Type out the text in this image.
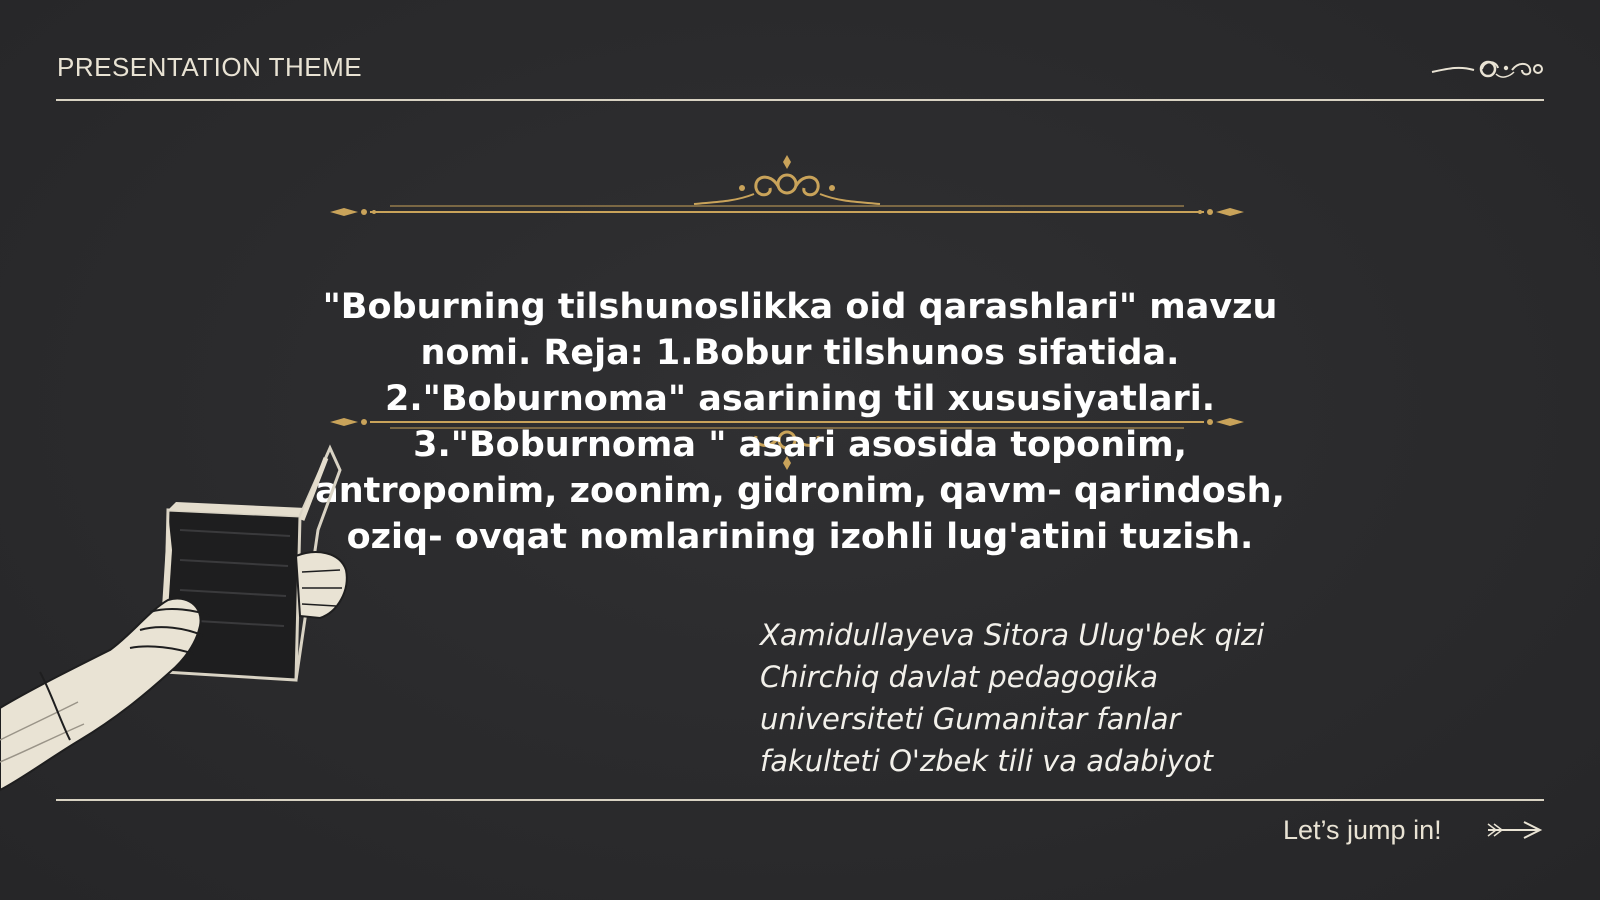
PRESENTATION THEME
"Boburning tilshunoslikka oid qarashlari" mavzu
nomi. Reja: 1.Bobur tilshunos sifatida.
2."Boburnoma" asarining til xususiyatlari.
3."Boburnoma " asari asosida toponim,
antroponim, zoonim, gidronim, qavm- qarindosh,
oziq- ovqat nomlarining izohli lug'atini tuzish.
Xamidullayeva Sitora Ulug'bek qizi
Chirchiq davlat pedagogika
universiteti Gumanitar fanlar
fakulteti O'zbek tili va adabiyot
Let’s jump in!
